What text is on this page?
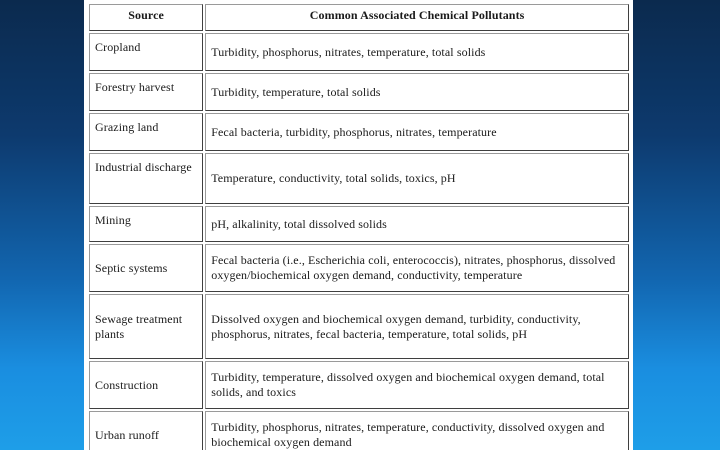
Source	Common Associated Chemical Pollutants
Cropland	Turbidity, phosphorus, nitrates, temperature, total solids
Forestry harvest	Turbidity, temperature, total solids
Grazing land	Fecal bacteria, turbidity, phosphorus, nitrates, temperature
Industrial discharge	Temperature, conductivity, total solids, toxics, pH
Mining	pH, alkalinity, total dissolved solids
Septic systems	Fecal bacteria (i.e., Escherichia coli, enterococcis), nitrates, phosphorus, dissolved oxygen/biochemical oxygen demand, conductivity, temperature
Sewage treatment plants	Dissolved oxygen and biochemical oxygen demand, turbidity, conductivity, phosphorus, nitrates, fecal bacteria, temperature, total solids, pH
Construction	Turbidity, temperature, dissolved oxygen and biochemical oxygen demand, total solids, and toxics
Urban runoff	Turbidity, phosphorus, nitrates, temperature, conductivity, dissolved oxygen and biochemical oxygen demand
